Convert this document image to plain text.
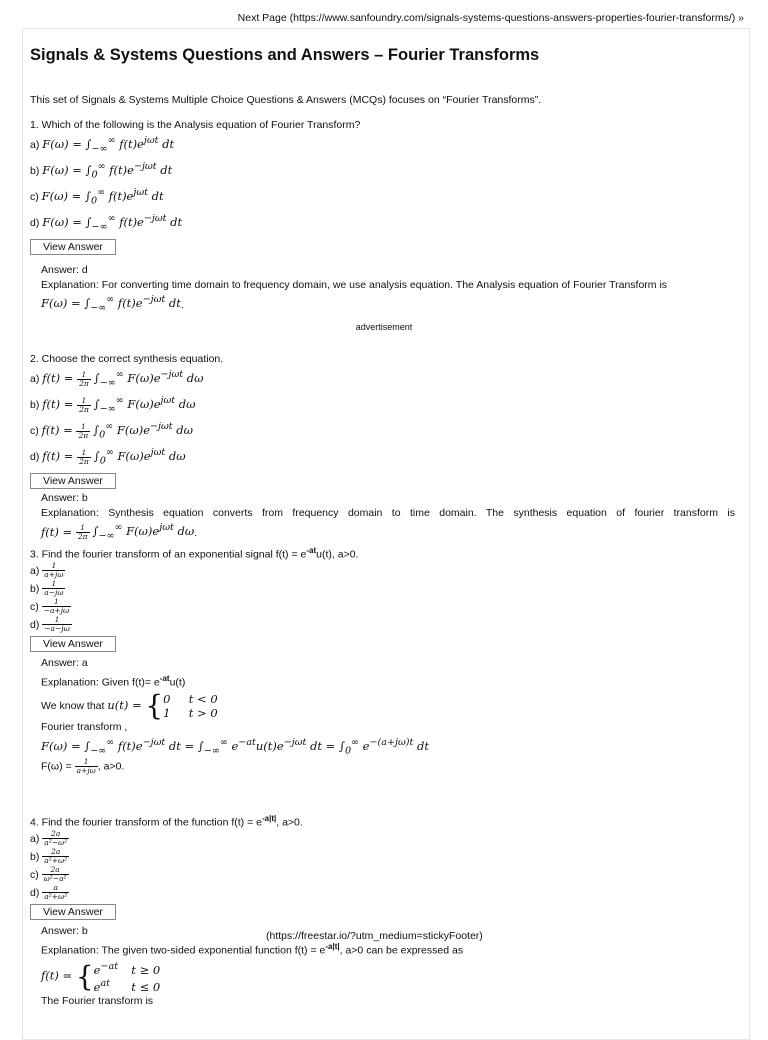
Next Page (https://www.sanfoundry.com/signals-systems-questions-answers-properties-fourier-transforms/) »
Signals & Systems Questions and Answers – Fourier Transforms
This set of Signals & Systems Multiple Choice Questions & Answers (MCQs) focuses on “Fourier Transforms”.
1. Which of the following is the Analysis equation of Fourier Transform?
a) $F(\omega) = \int_{-\infty}^\infty$ $f(t)e^{j\omega t}$ dt
b) $F(\omega) = \int_0^\infty$ $f(t)e^{-j\omega t}$ dt
c) $F(\omega) = \int_0^\infty$ $f(t)e^{j\omega t}$ dt
d) $F(\omega) = \int_{-\infty}^\infty$ $f(t)e^{-j\omega t}$ dt
View Answer
Answer: d
Explanation: For converting time domain to frequency domain, we use analysis equation. The Analysis equation of Fourier Transform is
$F(\omega) = \int_{-\infty}^\infty$ $f(t)e^{-j\omega t}$ dt.
advertisement
2. Choose the correct synthesis equation.
a) $f(t) = \frac{1}{2\pi} \int_{-\infty}^\infty$ $F(\omega)e^{-j\omega t}$ dω
b) $f(t) = \frac{1}{2\pi} \int_{-\infty}^\infty$ $F(\omega)e^{j\omega t}$ dω
c) $f(t) = \frac{1}{2\pi} \int_0^\infty$ $F(\omega)e^{-j\omega t}$ dω
d) $f(t) = \frac{1}{2\pi} \int_0^\infty$ $F(\omega)e^{j\omega t}$ dω
View Answer
Answer: b
Explanation: Synthesis equation converts from frequency domain to time domain. The synthesis equation of fourier transform is
$f(t) = \frac{1}{2\pi} \int_{-\infty}^\infty$ $F(\omega)e^{j\omega t}$ dω.
3. Find the fourier transform of an exponential signal $f(t) = e^{-at}u(t)$, a>0.
$a) \frac{1}{a+j\omega}$
$b) \frac{1}{a-j\omega}$
$c) \frac{1}{-a+j\omega}$
$d) \frac{1}{-a-j\omega}$
View Answer
Answer: a
Explanation: Given $f(t)= e^{-at}u(t)$
We know that u(t) = {0 t < 0
1 t > 0
Fourier transform ,
$F(\omega) = \int_{-\infty}^\infty$ $f(t)e^{-j\omega t}$ dt = $\int_{-\infty}^\infty$ $e^{-at}u(t)e^{-j\omega t}$ dt = $\int_0^\infty$ $e^{-(a+j\omega)t}$ dt
$F(\omega) = \frac{1}{a+j\omega}$ , a>0.
4. Find the fourier transform of the function $f(t) = e^{-a|t|}$, a>0.
$a) \frac{2a}{\text{a²−ω²}}$
$b) \frac{2a}{\text{a²+ω²}}$
$c) \frac{2a}{\text{ω²−a²}}$
$d) \frac{a}{\text{a²+ω²}}$
View Answer
Answer: b
Explanation: The given two-sided exponential function $f(t) = e^{-a|t|}$, a>0 can be expressed as
$f(t) = \{e^{-at}$ t ≥ 0
$e^{at}$ t ≤ 0
The Fourier transform is
(https://freestar.io/?utm_medium=stickyFooter)
